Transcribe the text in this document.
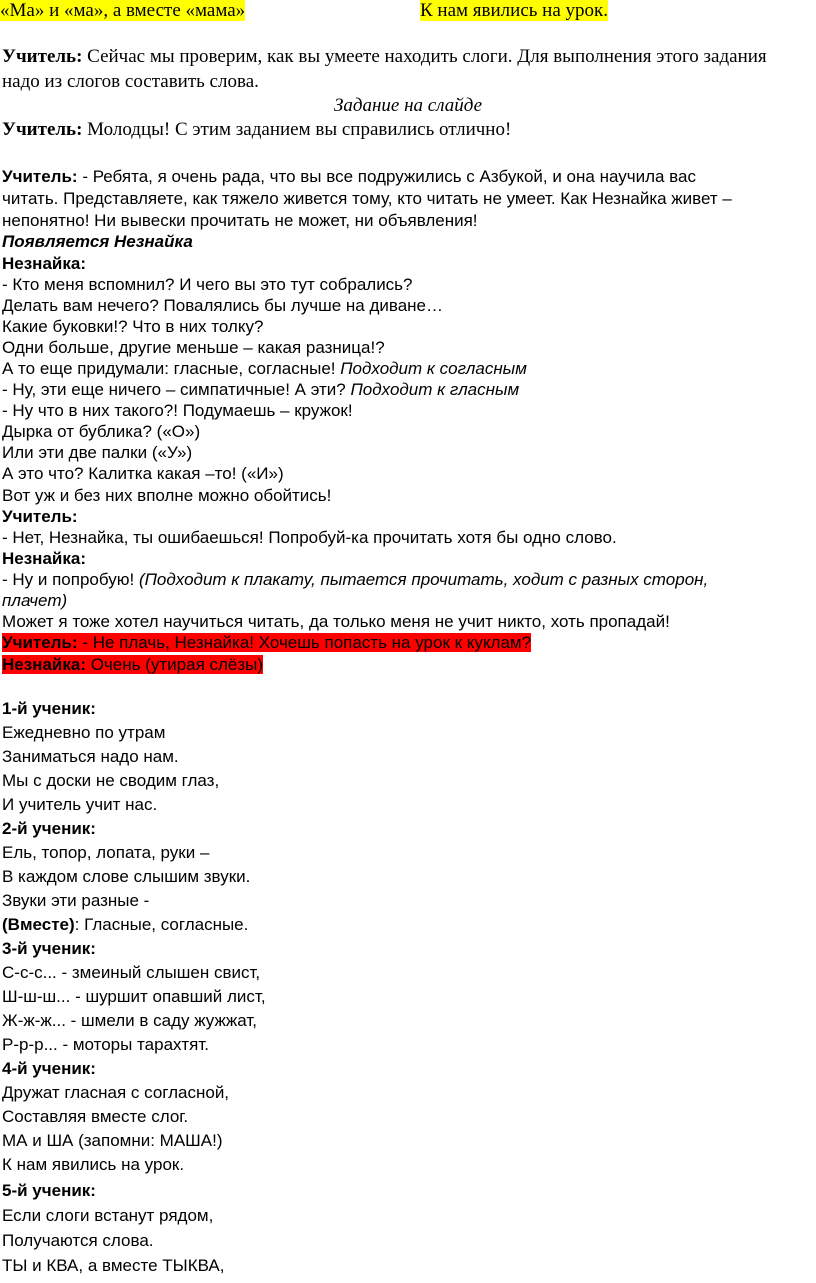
«Ма» и «ма», а вместе «мама»	К нам явились на урок.
Учитель: Сейчас мы проверим, как вы умеете находить слоги. Для выполнения этого задания
надо из слогов составить слова.
Задание на слайде
Учитель: Молодцы! С этим заданием вы справились отлично!
Учитель: - Ребята, я очень рада, что вы все подружились с Азбукой, и она научила вас
читать. Представляете, как тяжело живется тому, кто читать не умеет. Как Незнайка живет –
непонятно! Ни вывески прочитать не может, ни объявления!
Появляется Незнайка
Незнайка:
- Кто меня вспомнил? И чего вы это тут собрались?
Делать вам нечего? Повалялись бы лучше на диване…
Какие буковки!? Что в них толку?
Одни больше, другие меньше – какая разница!?
А то еще придумали: гласные, согласные! Подходит к согласным
- Ну, эти еще ничего – симпатичные! А эти? Подходит к гласным
- Ну что в них такого?! Подумаешь – кружок!
Дырка от бублика? («О»)
Или эти две палки («У»)
А это что? Калитка какая –то! («И»)
Вот уж и без них вполне можно обойтись!
Учитель:
- Нет, Незнайка, ты ошибаешься! Попробуй-ка прочитать хотя бы одно слово.
Незнайка:
- Ну и попробую! (Подходит к плакату, пытается прочитать, ходит с разных сторон,
плачет)
Может я тоже хотел научиться читать, да только меня не учит никто, хоть пропадай!
Учитель: - Не плачь, Незнайка! Хочешь попасть на урок к куклам?
Незнайка: Очень (утирая слёзы)
1-й ученик:
Ежедневно по утрам
Заниматься надо нам.
Мы с доски не сводим глаз,
И учитель учит нас.
2-й ученик:
Ель, топор, лопата, руки –
В каждом слове слышим звуки.
Звуки эти разные -
(Вместе): Гласные, согласные.
3-й ученик:
С-с-с... - змеиный слышен свист,
Ш-ш-ш... - шуршит опавший лист,
Ж-ж-ж... - шмели в саду жужжат,
Р-р-р... - моторы тарахтят.
4-й ученик:
Дружат гласная с согласной,
Составляя вместе слог.
МА и ША (запомни: МАША!)
К нам явились на урок.
5-й ученик:
Если слоги встанут рядом,
Получаются слова.
ТЫ и КВА, а вместе ТЫКВА,
